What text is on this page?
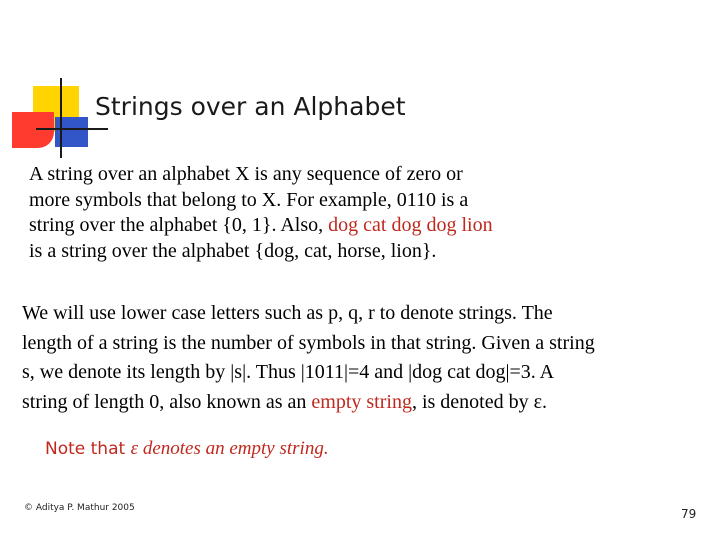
Strings over an Alphabet
A string over an alphabet X is any sequence of zero or
more symbols that belong to X. For example, 0110 is a
string over the alphabet {0, 1}. Also, dog cat dog dog lion
is a string over the alphabet {dog, cat, horse, lion}.
We will use lower case letters such as p, q, r to denote strings. The
length of a string is the number of symbols in that string. Given a string
s, we denote its length by |s|. Thus |1011|=4 and |dog cat dog|=3. A
string of length 0, also known as an empty string, is denoted by ε.
Note that ε denotes an empty string.
© Aditya P. Mathur 2005	79
